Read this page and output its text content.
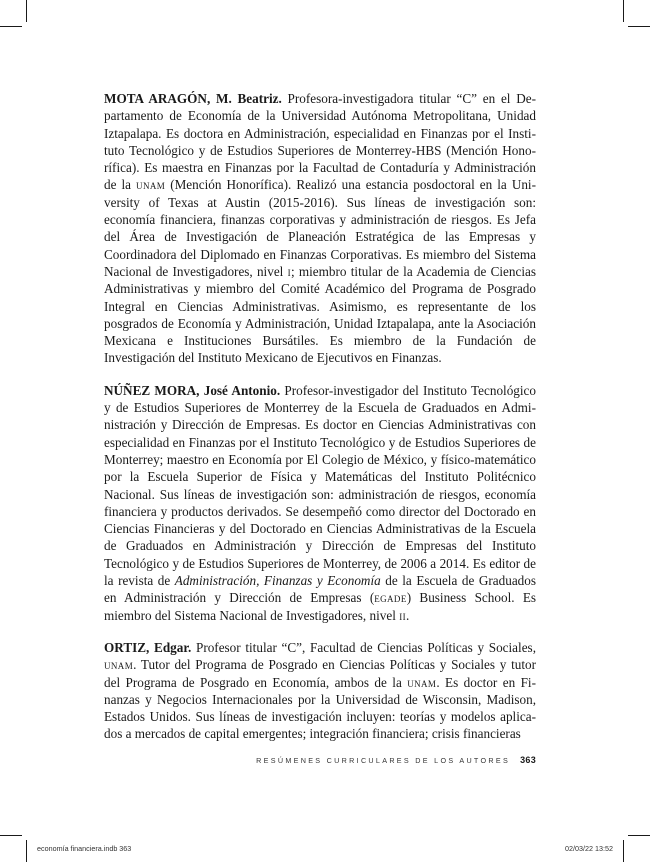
MOTA ARAGÓN, M. Beatriz. Profesora-investigadora titular “C” en el Departamento de Economía de la Universidad Autónoma Metropolitana, Unidad Iztapalapa. Es doctora en Administración, especialidad en Finanzas por el Instituto Tecnológico y de Estudios Superiores de Monterrey-HBS (Mención Honorífica). Es maestra en Finanzas por la Facultad de Contaduría y Administración de la unam (Mención Honorífica). Realizó una estancia posdoctoral en la University of Texas at Austin (2015-2016). Sus líneas de investigación son: economía financiera, finanzas corporativas y administración de riesgos. Es Jefa del Área de Investigación de Planeación Estratégica de las Empresas y Coordinadora del Diplomado en Finanzas Corporativas. Es miembro del Sistema Nacional de Investigadores, nivel i; miembro titular de la Academia de Ciencias Administrativas y miembro del Comité Académico del Programa de Posgrado Integral en Ciencias Administrativas. Asimismo, es representante de los posgrados de Economía y Administración, Unidad Iztapalapa, ante la Asociación Mexicana e Instituciones Bursátiles. Es miembro de la Fundación de Investigación del Instituto Mexicano de Ejecutivos en Finanzas.

NÚÑEZ MORA, José Antonio. Profesor-investigador del Instituto Tecnológico y de Estudios Superiores de Monterrey de la Escuela de Graduados en Administración y Dirección de Empresas. Es doctor en Ciencias Administrativas con especialidad en Finanzas por el Instituto Tecnológico y de Estudios Superiores de Monterrey; maestro en Economía por El Colegio de México, y físico-matemático por la Escuela Superior de Física y Matemáticas del Instituto Politécnico Nacional. Sus líneas de investigación son: administración de riesgos, economía financiera y productos derivados. Se desempeñó como director del Doctorado en Ciencias Financieras y del Doctorado en Ciencias Administrativas de la Escuela de Graduados en Administración y Dirección de Empresas del Instituto Tecnológico y de Estudios Superiores de Monterrey, de 2006 a 2014. Es editor de la revista de Administración, Finanzas y Economía de la Escuela de Graduados en Administración y Dirección de Empresas (egade) Business School. Es miembro del Sistema Nacional de Investigadores, nivel ii.

ORTIZ, Edgar. Profesor titular “C”, Facultad de Ciencias Políticas y Sociales, unam. Tutor del Programa de Posgrado en Ciencias Políticas y Sociales y tutor del Programa de Posgrado en Economía, ambos de la unam. Es doctor en Finanzas y Negocios Internacionales por la Universidad de Wisconsin, Madison, Estados Unidos. Sus líneas de investigación incluyen: teorías y modelos aplicados a mercados de capital emergentes; integración financiera; crisis financieras

RESÚMENES CURRICULARES DE LOS AUTORES 363
economía financiera.indb 363	02/03/22 13:52
